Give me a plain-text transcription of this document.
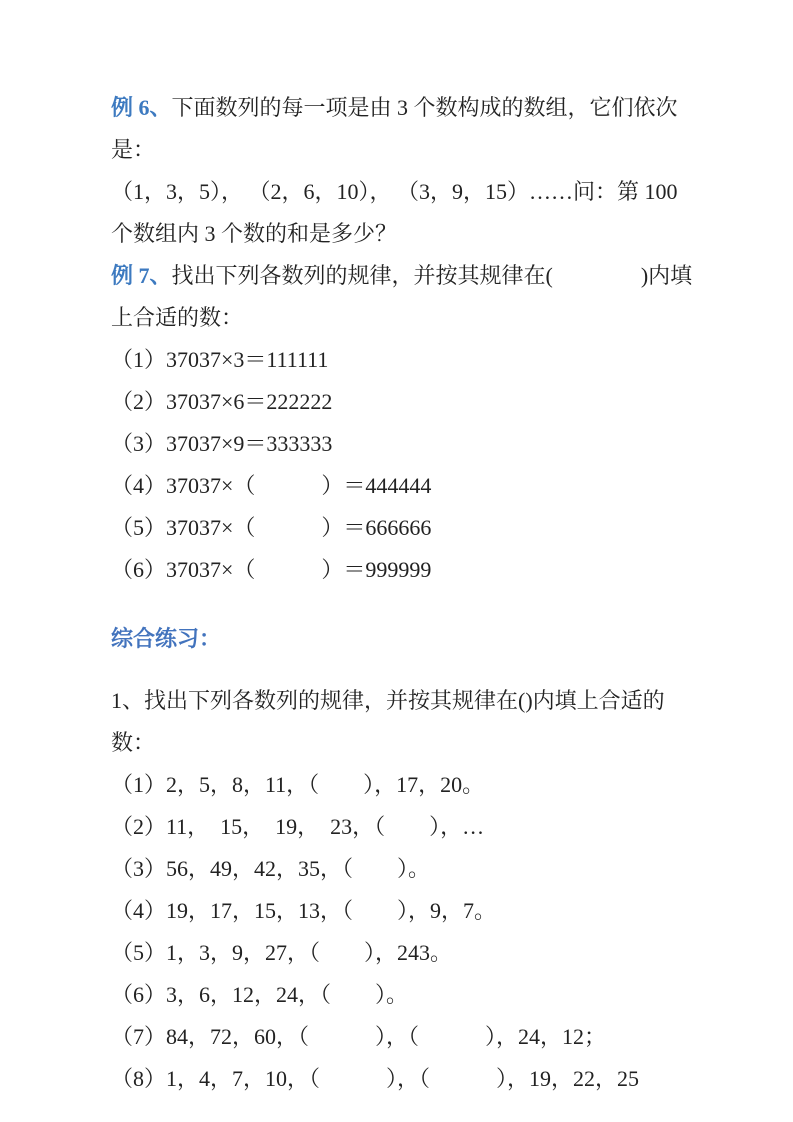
例 6、下面数列的每一项是由 3 个数构成的数组，它们依次是：

（1，3，5）， （2，6，10）， （3，9，15）……问：第 100

个数组内 3 个数的和是多少？

例 7、找出下列各数列的规律，并按其规律在(　　　　)内填

上合适的数：

（1）37037×3＝111111

（2）37037×6＝222222

（3）37037×9＝333333

（4）37037×（　　　）＝444444

（5）37037×（　　　）＝666666

（6）37037×（　　　）＝999999

综合练习：

1、找出下列各数列的规律，并按其规律在()内填上合适的数：

（1）2，5，8，11，（　　），17，20。

（2）11，　15，　19，　23，（　　），…

（3）56，49，42，35，（　　）。

（4）19，17，15，13，（　　），9，7。

（5）1，3，9，27，（　　），243。

（6）3，6，12，24，（　　）。

（7）84，72，60，（　　　），（　　　），24，12；

（8）1，4，7，10，（　　　），（　　　），19，22，25
